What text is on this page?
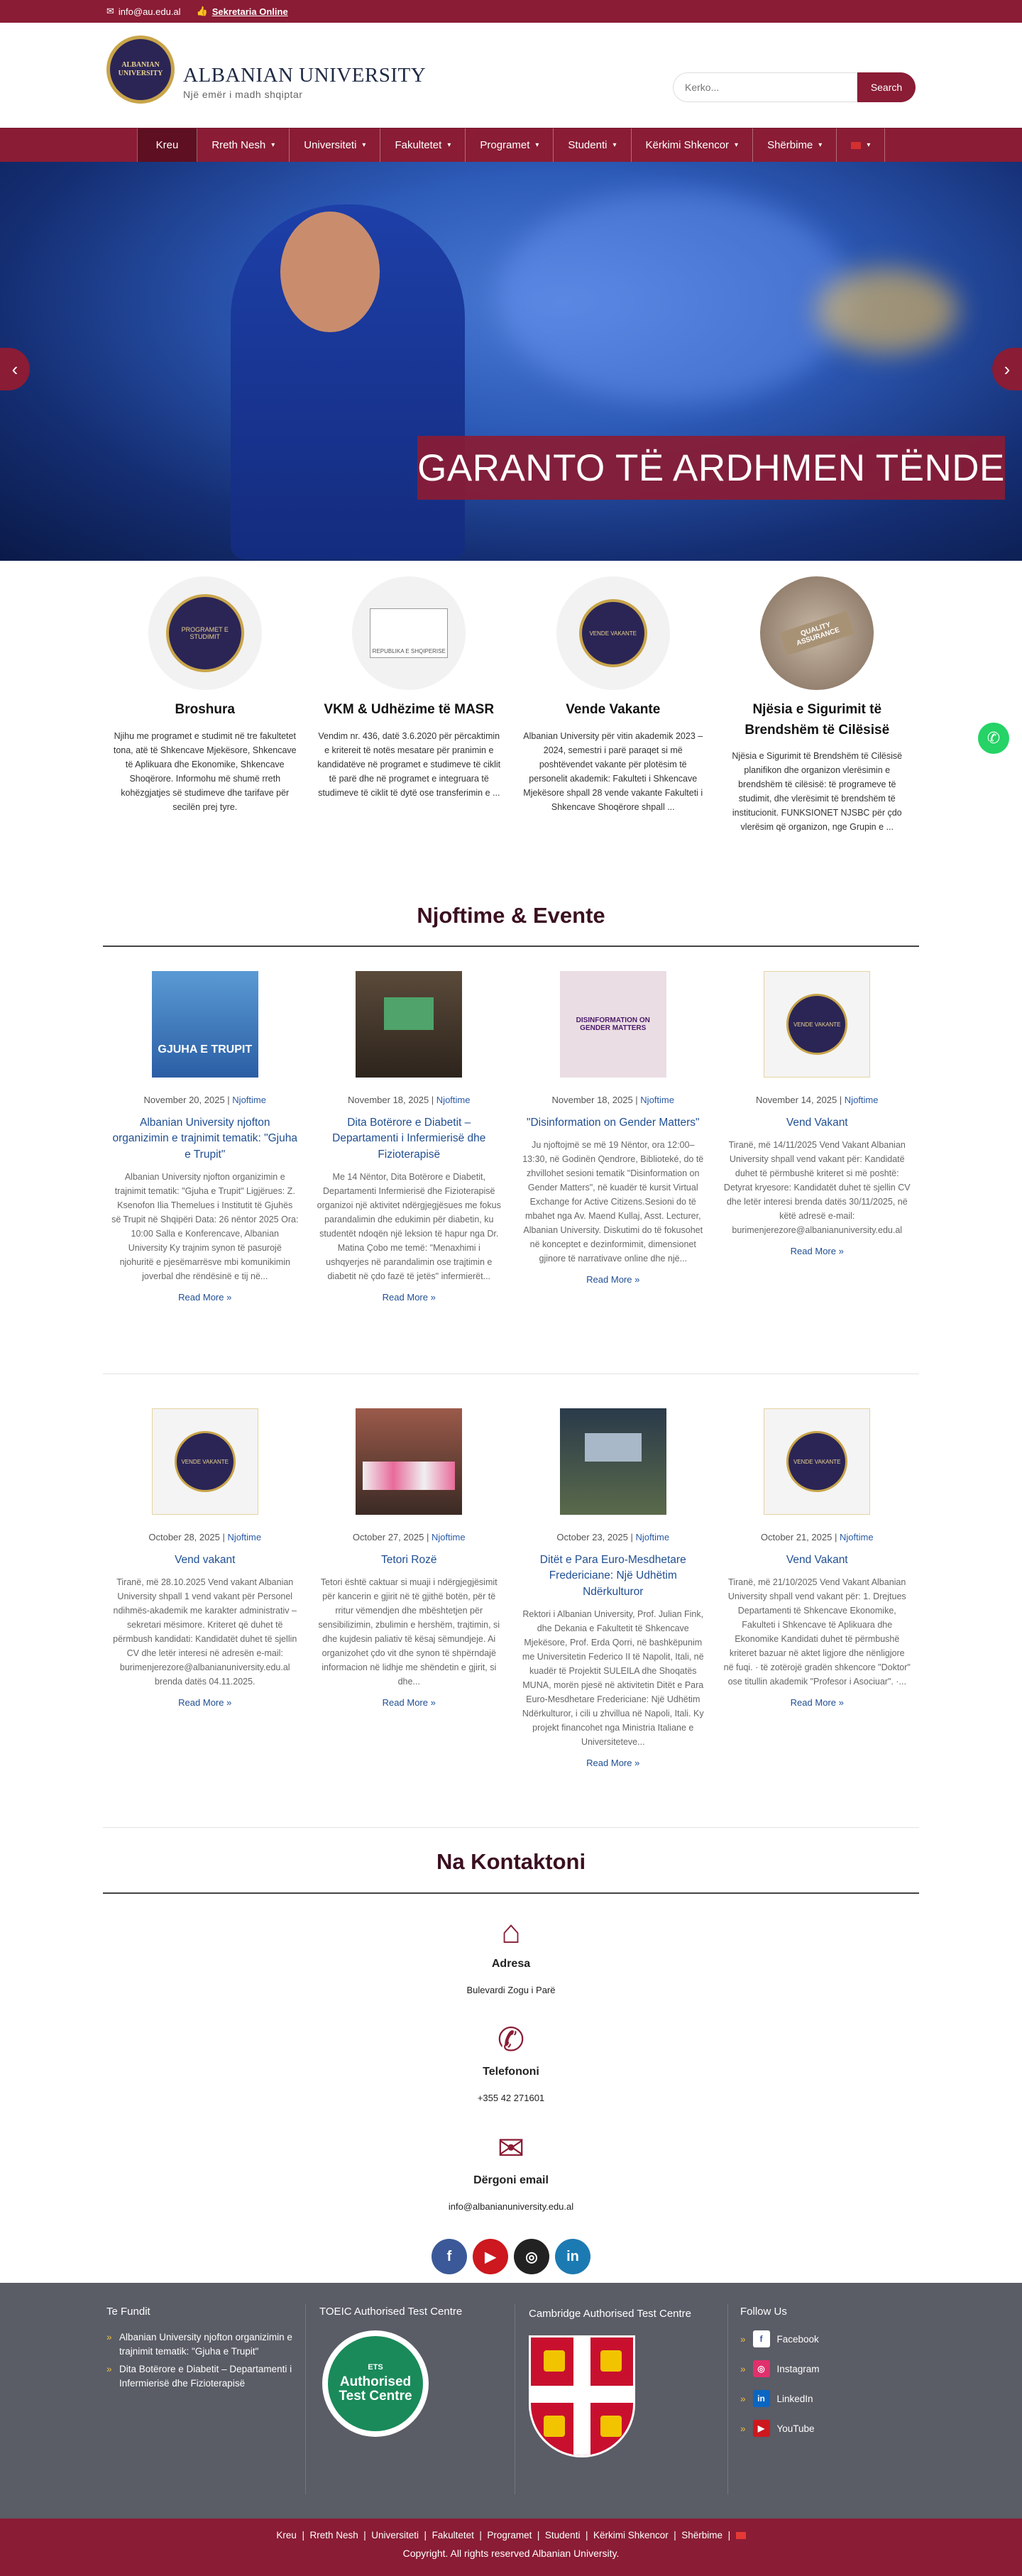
✉ info@au.edu.al 👍 Sekretaria Online
ALBANIAN UNIVERSITY ALBANIAN UNIVERSITY
Një emër i madh shqiptar
Kerko...
Search
Kreu	Rreth Nesh ▾	Universiteti ▾	Fakultetet ▾	Programet ▾	Studenti ▾	Kërkimi Shkencor ▾	Shërbime ▾	▾
‹	›
GARANTO TË ARDHMEN TËNDE
✆
PROGRAMET E STUDIMIT
Broshura
Njihu me programet e studimit në tre fakultetet tona, atë të Shkencave Mjekësore, Shkencave të Aplikuara dhe Ekonomike, Shkencave Shoqërore. Informohu më shumë rreth kohëzgjatjes së studimeve dhe tarifave për secilën prej tyre.
REPUBLIKA E SHQIPERISE
VKM & Udhëzime të MASR
Vendim nr. 436, datë 3.6.2020 për përcaktimin e kritereit të notës mesatare për pranimin e kandidatëve në programet e studimeve të ciklit të parë dhe në programet e integruara të studimeve të ciklit të dytë ose transferimin e ...
VENDE VAKANTE
Vende Vakante
Albanian University për vitin akademik 2023 – 2024, semestri i parë paraqet si më poshtëvendet vakante për plotësim të personelit akademik: Fakulteti i Shkencave Mjekësore shpall 28 vende vakante Fakulteti i Shkencave Shoqërore shpall ...
QUALITY ASSURANCE
Njësia e Sigurimit të Brendshëm të Cilësisë
Njësia e Sigurimit të Brendshëm të Cilësisë planifikon dhe organizon vlerësimin e brendshëm të cilësisë: të programeve të studimit, dhe vlerësimit të brendshëm të institucionit. FUNKSIONET NJSBC për çdo vlerësim që organizon, nge Grupin e ...
Njoftime & Evente
GJUHA E TRUPIT
November 20, 2025 | Njoftime
Albanian University njofton organizimin e trajnimit tematik: "Gjuha e Trupit"
Albanian University njofton organizimin e trajnimit tematik: "Gjuha e Trupit" Ligjërues: Z. Ksenofon Ilia Themelues i Institutit të Gjuhës së Trupit në Shqipëri Data: 26 nëntor 2025 Ora: 10:00 Salla e Konferencave, Albanian University Ky trajnim synon të pasurojë njohuritë e pjesëmarrësve mbi komunikimin joverbal dhe rëndësinë e tij në...
Read More »
November 18, 2025 | Njoftime
Dita Botërore e Diabetit – Departamenti i Infermierisë dhe Fizioterapisë
Me 14 Nëntor, Dita Botërore e Diabetit, Departamenti Infermierisë dhe Fizioterapisë organizoi një aktivitet ndërgjegjësues me fokus parandalimin dhe edukimin për diabetin, ku studentët ndoqën një leksion të hapur nga Dr. Matina Çobo me temë: "Menaxhimi i ushqyerjes në parandalimin ose trajtimin e diabetit në çdo fazë të jetës" infermierët...
Read More »
DISINFORMATION ON GENDER MATTERS
November 18, 2025 | Njoftime
"Disinformation on Gender Matters"
Ju njoftojmë se më 19 Nëntor, ora 12:00–13:30, në Godinën Qendrore, Biblioteké, do të zhvillohet sesioni tematik "Disinformation on Gender Matters", në kuadër të kursit Virtual Exchange for Active Citizens.Sesioni do të mbahet nga Av. Maend Kullaj, Asst. Lecturer, Albanian University. Diskutimi do të fokusohet në konceptet e dezinformimit, dimensionet gjinore të narrativave online dhe një...
Read More »
VENDE VAKANTE
November 14, 2025 | Njoftime
Vend Vakant
Tiranë, më 14/11/2025 Vend Vakant Albanian University shpall vend vakant për: Kandidatë duhet të përmbushë kriteret si më poshtë: Detyrat kryesore: Kandidatët duhet të sjellin CV dhe letër interesi brenda datës 30/11/2025, në këtë adresë e-mail: burimenjerezore@albanianuniversity.edu.al
Read More »
VENDE VAKANTE
October 28, 2025 | Njoftime
Vend vakant
Tiranë, më 28.10.2025 Vend vakant Albanian University shpall 1 vend vakant për Personel ndihmës-akademik me karakter administrativ – sekretari mësimore. Kriteret që duhet të përmbush kandidati: Kandidatët duhet të sjellin CV dhe letër interesi në adresën e-mail: burimenjerezore@albanianuniversity.edu.al brenda datës 04.11.2025.
Read More »
October 27, 2025 | Njoftime
Tetori Rozë
Tetori është caktuar si muaji i ndërgjegjësimit për kancerin e gjirit në të gjithë botën, për të rritur vëmendjen dhe mbështetjen për sensibilizimin, zbulimin e hershëm, trajtimin, si dhe kujdesin paliativ të kësaj sëmundjeje. Ai organizohet çdo vit dhe synon të shpërndajë informacion në lidhje me shëndetin e gjirit, si dhe...
Read More »
October 23, 2025 | Njoftime
Ditët e Para Euro-Mesdhetare Fredericiane: Një Udhëtim Ndërkulturor
Rektori i Albanian University, Prof. Julian Fink, dhe Dekania e Fakultetit të Shkencave Mjekësore, Prof. Erda Qorri, në bashkëpunim me Universitetin Federico II të Napolit, Itali, në kuadër të Projektit SULEILA dhe Shoqatës MUNA, morën pjesë në aktivitetin Ditët e Para Euro-Mesdhetare Fredericiane: Një Udhëtim Ndërkulturor, i cili u zhvillua në Napoli, Itali. Ky projekt financohet nga Ministria Italiane e Universiteteve...
Read More »
VENDE VAKANTE
October 21, 2025 | Njoftime
Vend Vakant
Tiranë, më 21/10/2025 Vend Vakant Albanian University shpall vend vakant për: 1. Drejtues Departamenti të Shkencave Ekonomike, Fakulteti i Shkencave të Aplikuara dhe Ekonomike Kandidati duhet të përmbushë kriteret bazuar në aktet ligjore dhe nënligjore në fuqi. · të zotërojë gradën shkencore "Doktor" ose titullin akademik "Profesor i Asociuar". ·...
Read More »
Na Kontaktoni
⌂
Adresa
Bulevardi Zogu i Parë
✆
Telefononi
+355 42 271601
✉
Dërgoni email
info@albanianuniversity.edu.al
f	▶	◎	in
Te Fundit
» Albanian University njofton organizimin e trajnimit tematik: "Gjuha e Trupit"
» Dita Botërore e Diabetit – Departamenti i Infermierisë dhe Fizioterapisë
TOEIC Authorised Test Centre
ETS
Authorised Test Centre
Cambridge Authorised Test Centre	Follow Us
»	f	Facebook
»	◎	Instagram
»	in	LinkedIn
»	▶	YouTube
Kreu  |  Rreth Nesh  |  Universiteti  |  Fakultetet  |  Programet  |  Studenti  |  Kërkimi Shkencor  |  Shërbime  |
Copyright. All rights reserved Albanian University.
